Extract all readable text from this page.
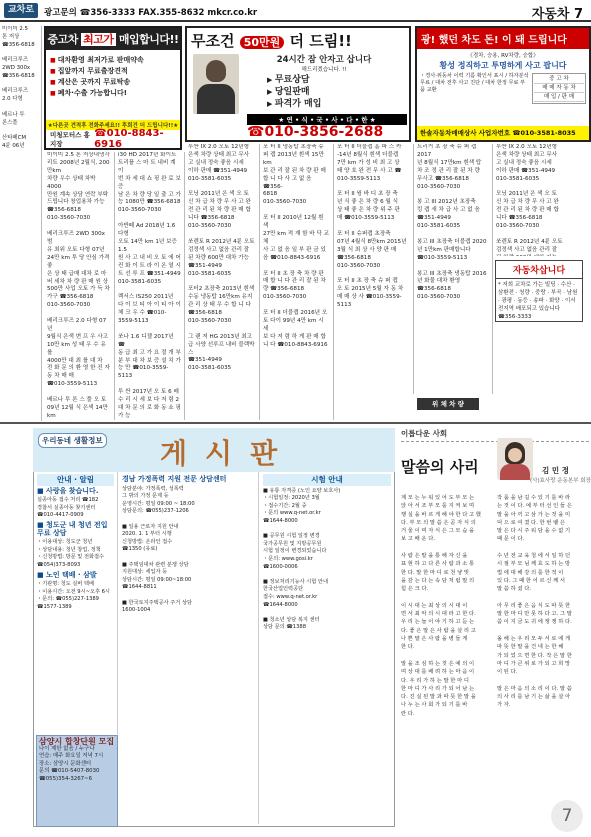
교차로	광고문의 ☎356-3333 FAX.355-8632 mkcr.co.kr	자동차 7
미이미 2.5
톤 저상
☎356-6818

베리크루즈
2WD 300x
☎356-6818

베리크루즈
2.0 다형

베르나 투
론스풀

산타페CM
4륜 06년
미이미 2.5 톤 저상내냉각
리트 2008년 2월식, 200만km
차량 우수 상태 차박 4000
만원 계속 상담 연락 부탁
드립니다 창업용차 가능
☎356-6818
010-3560-7030

베리크루즈 2WD 300x 범
유 최위 오토 다형 07년
24만 km 투 당 안심 가격 좋
은 상 태 급매 대차 로 마
버 세차 차 량 판 매 원 상
500만 사업 오토 가 득 차
가구 ☎356-6818
010-3560-7030

베리크루즈 2.0 다형 07년
9월식 은색 변 프 우 사고
10만 km 성 태 우 수 유 를
4000만 대 최 를 대 차
전 화 문 의 환 영 한 진 자
동 차 매 매
☎010-3559-5113

베르나 투 론 스 풀 오 토
09년 12월 식 은색 14만km

i30 HD 2017년 화이트
트리플 스 마 트 내비 계 이
번 차 세 대 쇼 핑 완 료 보 증
남 은 차 량 당 일 출 고 가
능 1080만 ☎356-6818
010-3560-7030

아반떼 Ad 2018년 1.6 다형
오토 14만 km 1년 보증 1.5
원 사 고 내 비 오 토 에 어
컨 화 이 트 라 이 온 열 시
트 선 루 프 ☎351-4949
010-3581-6035

렉서스 IS250 2011년
다 이 브 티 아 이 티 아 이
체 크 우 수 ☎010-3559-5113

쏘나 1.6 디젤 2017년 ☎
동 급 최 고 가 요 절 개 부
분 부 대 차 보 증 설 치 가
능 만 ☎010-3559-5113

투 싼 2017년 오 토 6 배
수 리 시 세 보 다 저 렴 2
대 차 문 의 로 화 동 쇼 핑 가 능

투싼 IX 2.0 오토 12년형
은색 차량 상태 최고 무사
고 실내 정숙 좋음 시세
이하 판매 ☎351-4949
010-3581-6035

모닝 2011년 은 색 오 토
신 차 급 차 량 무 사 고 완
전 관 리 된 차 량 판 매 합
니다 ☎356-6818
010-3560-7030

쏘렌토 R 2012년 4륜 오토
검정색 사고 없음 관리 잘
된 차량 600만 대차 가능
☎351-4949
010-3581-6035

포터2 초장축 2013년 흰색
수동 냉동탑 16만km 유지
관 리 상 태 우 수 합 니 다
☎356-6818
010-3560-7030

그 랜 저 HG 2013년 최고
급 사양 선루프 내비 블랙박스
☎351-4949
010-3581-6035
포 터 II 냉동탑 초장축 슈
퍼 캡 2013년 흰색 15만 km
보 관 리 잘 된 차 량 판 매
합 니 다 사 고 없 음 ☎356-
6818
010-3560-7030

포 터 II 2010년 12월 흰 색
27만 km 적 재 함 바 닥 교 체
사 고 없 음 일 부 판 금 있
음 ☎010-8843-6916

포 터 II 초 장 축 차 량 판
매 합 니 다 관 리 잘 된 차
량 ☎356-6818
010-3560-7030

포 터 II 더블캡 2016년 오
토 다이 99년 4만 km 시 세
보 다 저 렴 하 게 판 매 합
니 다 ☎010-8843-6916
포 터 II 더블캡 홈 파 스 카
-14년 8월식 흰색 더블캡
7만 km 가 성 비 최 고 상
태 양 호 완 전 무 사 고 ☎
010-3559-5113

포 터 II 윙 바 디 초 장 축
년 식 좋 은 차 량 6 월 식
상 태 좋 은 차 량 위 주 판
매 ☎010-3559-5113

포 터 II 슈퍼캡 초장축
07년 4월식 8만km 2015년
3월 식 최 상 사 양 판 매
☎356-6818
010-3560-7030

포 터 II 초 장 축 슈 퍼 캡
오 토 2015년 5월 자 동 차
매 매 상 사 ☎010-3559-5113
트리거 초 장 축 슈 퍼 캡 2017
년 8월식 17만km 흰색 탑
차 조 정 관 리 잘 된 차 량
무사고 ☎356-6818
010-3560-7030

봉 고 III 2012년 초장축
킹 캡 새 차 급 사 고 없 음
☎351-4949
010-3581-6035

봉고 III 초장축 더블캡 2020
년 1만km 판매합니다
☎010-3559-5113

봉고 III 초장축 냉동탑 2016
년 화물 대차 환영
☎356-6818
010-3560-7030
투싼 IX 2.0 오토 12년형
은색 차량 상태 최고 무사
고 실내 정숙 좋음 시세
이하 판매 ☎351-4949
010-3581-6035

모닝 2011년 은 색 오 토
신 차 급 차 량 무 사 고 완
전 관 리 된 차 량 판 매 합
니다 ☎356-6818
010-3560-7030

쏘렌토 R 2012년 4륜 오토
검정색 사고 없음 관리 잘

중고차 최고가 매입합니다!!
■ 대차환영 최저가로 판매약속
■ 집앞까지 무료출장견적
■ 계산은 곳까지 무료탁송
■ 폐차·수출 가능합니다!
★다른곳 견적후 전화주세요!! 후회건 더 드립니다!!★
미청모터스 홍지장
☎010-8843-6916
무조건 50만원 더 드림!!
24시간 잠 안자고 삽니다
해드리겠습니다. !!
▶ 무료상담
▶ 당일판매
▶ 파격가 매입
★ 연 • 식 • 국 • 사 • 다 • 한 ★
☎010-3856-2688
광! 했던 차도 돈! 이 돼 드립니다
《경차, 승용, RV차량, 승합》
황성 정직하고 투명하게 사고 팝니다
・경사·위동차 이력 기름 확인서 표시 / 하자분석 무료 / 대차 전후 사고 진단 / 대차 한정 무료 부품 교환
중 고 차
매 매 자 동 차
매 입 / 판 매
한솔자동차매매상사 사업자번호 ☎010-3581-8035
자동차삽니다
* 저희 교차로 가는 빌딩 · 수산 · 삼환전 · 청량 · 중랑 · 부곡 · 남원 · 광평 · 동등 · 송파 · 화양 · 이서 전지역 배포되고 있습니다 ☎356-3333
위 체 차 량
우리동네 생활정보 게시판
안내 · 알림
■ 사랑을 찾습니다.
실종아동 접수 처리 ☎182
경찰서 실종아동 찾기센터
☎010-4417-0909
■ 청도군 내 청년 전입 무료 상담
・이용대상: 청도군 청년
・상담내용: 청년 창업, 정책
・신청방법: 방문 및 전화접수
☎054)373-8093
■ 노인 택배 · 삼발
・기관명: 청도 실버 택배
・이용시간: 오전 9시~오후 6시
・문의: ☎055)227-1389
☎1577-1389
삼양시 합창단원 모집
나이 제한 없음 / 누구나
연습: 매주 화요일 저녁 7시
장소: 삼양시 문화센터
문의 ☎010-5407-8030
☎055)354-3267~6
경남 가정폭력 지원 전문 상담센터
상담분야: 가정폭력, 성폭력
그 밖의 가정 문제 등
운영시간: 평일 09:00 ~ 18:00
상담문의: ☎055)237-1206

■ 일용 근로자 지원 안내
2020. 1. 1 부터 시행
신청방법: 온라인 접수
☎1350 (유료)

■ 주택임대차 관련 분쟁 상담
지원대상: 세입자 등
상담시간: 평일 09:00~18:00
☎1644-8811

■ 한국토지주택공사 주거 상담
1600-1004
시험 안내
■ 유통 자격증 (노인 요양 보호사)
・시험일정: 2020년 3월
・접수기간: 2월 중
・문의 www.q-net.or.kr
☎1644-8000

■ 공무원 시험 일정 변경
국가공무원 및 지방공무원
시험 일정이 변경되었습니다
・문의: www.gosi.kr
☎1600-0006

■ 정보처리기능사 시험 안내
한국산업인력공단
접수: www.q-net.or.kr
☎1644-8000

■ 청소년 상담 복지 센터
상담 문의 ☎1388
이롭다운 사회
말씀의 사리	김 민 정
(사)효사랑 운동본부 회장
계 모 는 누 워 있 어 도 부 모 는
앉 아 서 조 부 모 를 지 켜 보 며
행 실 을 바 르 게 해 야 한 다 고 했
다. 부 모 의 말 씀 은 곧 자 식 의
거 울 이 며 자 식 은 그 모 습 을
보 고 배 운 다.

사 람 은 말 을 통 해 자 신 을
표 현 하 고 다 른 사 람 과 소 통
한 다. 말 한 마 디 로 천 냥 빚
을 갚 는 다 는 속 담 처 럼 말 의
힘 은 크 다.

이 시 대 는 최 상 의 시 대 이
면 서 최 악 의 시 대 라 고 한 다.
우 리 는 늘 이 야 기 하 고 듣 는
다. 좋 은 말 은 사 람 을 살 리 고
나 쁜 말 은 사 람 을 병 들 게
한 다.

말 을 조 심 하 는 것 은 예 의 이
며 상 대 를 배 려 하 는 마 음 이
다. 우 리 가 하 는 말 한 마 디
한 마 디 가 사 리 가 되 어 남 는
다. 진 실 된 말 과 따 뜻 한 말 을
나 누 는 사 회 가 되 기 를 바
란 다.
작 품 을 남 길 수 있 기 를 바 라
는 것 이 다. 예 부 터 선 인 들 은
말 을 아 끼 고 삼 가 는 것 을 미
덕 으 로 여 겼 다. 한 번 뱉 은
말 은 다 시 주 워 담 을 수 없 기
때 문 이 다.

수 년 전 교 육 청 에 서 일 하 던
시 절 부 모 님 께 효 도 하 는 방
법 에 대 해 강 의 를 한 적 이
있 다. 그 때 한 어 르 신 께 서
말 씀 하 셨 다.

아 무 리 좋 은 음 식 도 따 뜻 한
말 한 마 디 만 못 하 다 고. 그 말
씀 이 지 금 도 귀 에 쟁 쟁 하 다.

올 해 는 우 리 모 두 서 로 에 게
따 뜻 한 말 을 건 네 는 한 해
가 되 었 으 면 한 다. 작 은 말 한
마 디 가 큰 위 로 가 되 고 희 망
이 된 다.

말 은 마 음 의 소 리 이 다. 말 씀
의 사 리 를 남 기 는 삶 을 살 아
가 자.
7
